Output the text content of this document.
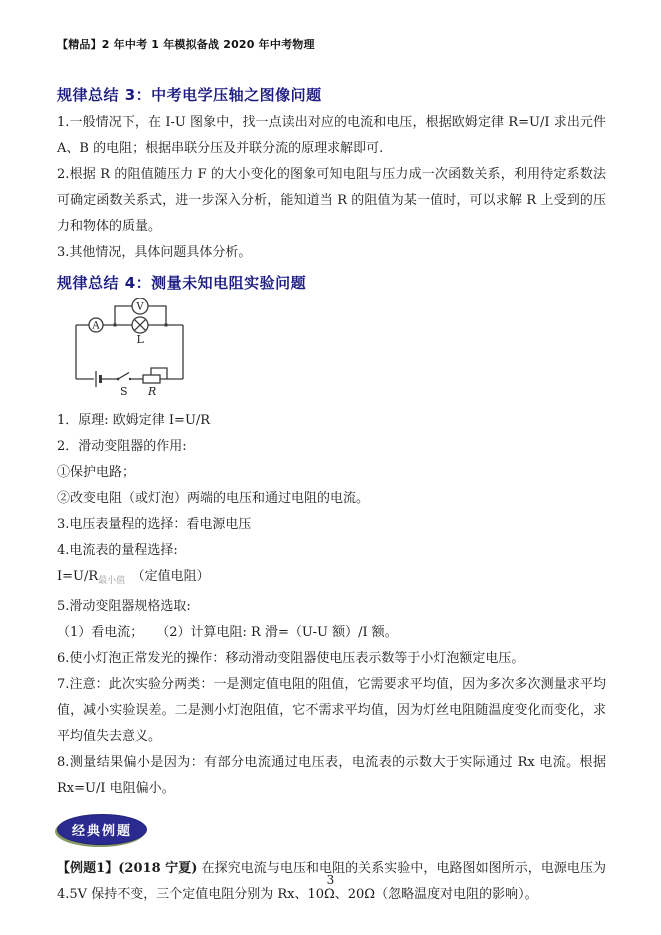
【精品】2 年中考 1 年模拟备战 2020 年中考物理
规律总结 3：中考电学压轴之图像问题

1.一般情况下，在 I-U 图象中，找一点读出对应的电流和电压，根据欧姆定律 R=U/I 求出元件 A、B 的电阻；根据串联分压及并联分流的原理求解即可.

2.根据 R 的阻值随压力 F 的大小变化的图象可知电阻与压力成一次函数关系，利用待定系数法可确定函数关系式，进一步深入分析，能知道当 R 的阻值为某一值时，可以求解 R 上受到的压力和物体的质量。

3.其他情况，具体问题具体分析。

规律总结 4：测量未知电阻实验问题
A
L
V
S R

1．原理: 欧姆定律 I=U/R

2．滑动变阻器的作用:

①保护电路；

②改变电阻（或灯泡）两端的电压和通过电阻的电流。

3.电压表量程的选择：看电源电压

4.电流表的量程选择:

$I=U/R_{最小值}$　（定值电阻）

5.滑动变阻器规格选取:

（1）看电流；　　（2）计算电阻: R 滑=（U-U 额）/I 额。

6.使小灯泡正常发光的操作：移动滑动变阻器使电压表示数等于小灯泡额定电压。

7.注意：此次实验分两类：一是测定值电阻的阻值，它需要求平均值，因为多次多次测量求平均值，减小实验误差。二是测小灯泡阻值，它不需求平均值，因为灯丝电阻随温度变化而变化，求平均值失去意义。

8.测量结果偏小是因为：有部分电流通过电压表，电流表的示数大于实际通过 Rx 电流。根据 Rx=U/I 电阻偏小。

经典例题

【例题1】(2018 宁夏) 在探究电流与电压和电阻的关系实验中，电路图如图所示，电源电压为 4.5V 保持不变，三个定值电阻分别为 Rx、10Ω、20Ω（忽略温度对电阻的影响）。

3
